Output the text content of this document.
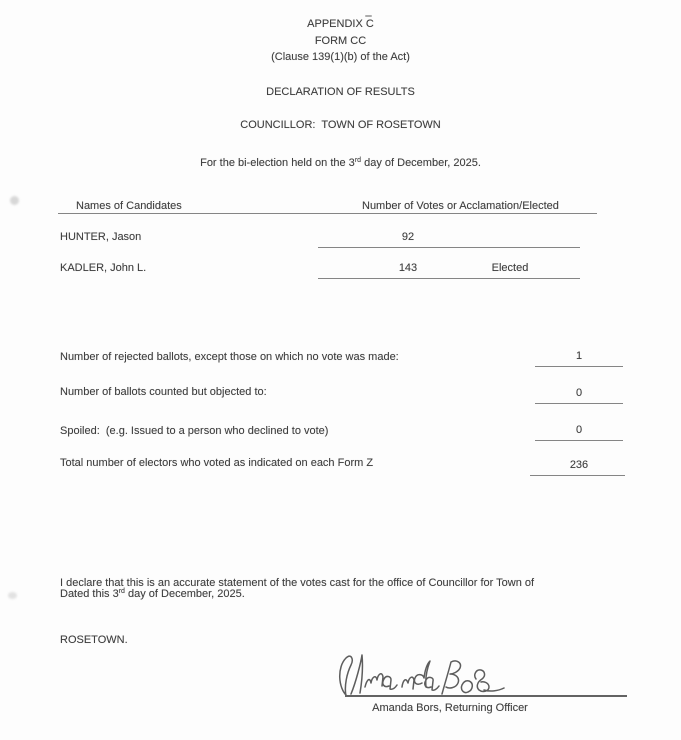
APPENDIX C
FORM CC
(Clause 139(1)(b) of the Act)
DECLARATION OF RESULTS
COUNCILLOR:  TOWN OF ROSETOWN
For the bi-election held on the 3rd day of December, 2025.
Names of Candidates	Number of Votes or Acclamation/Elected
HUNTER, Jason	92
KADLER, John L.	143	Elected
Number of rejected ballots, except those on which no vote was made:	1
Number of ballots counted but objected to:	0
Spoiled:  (e.g. Issued to a person who declined to vote)	0
Total number of electors who voted as indicated on each Form Z	236

I declare that this is an accurate statement of the votes cast for the office of Councillor for Town of

ROSETOWN.

Dated this 3rd day of December, 2025.
Amanda Bors, Returning Officer
